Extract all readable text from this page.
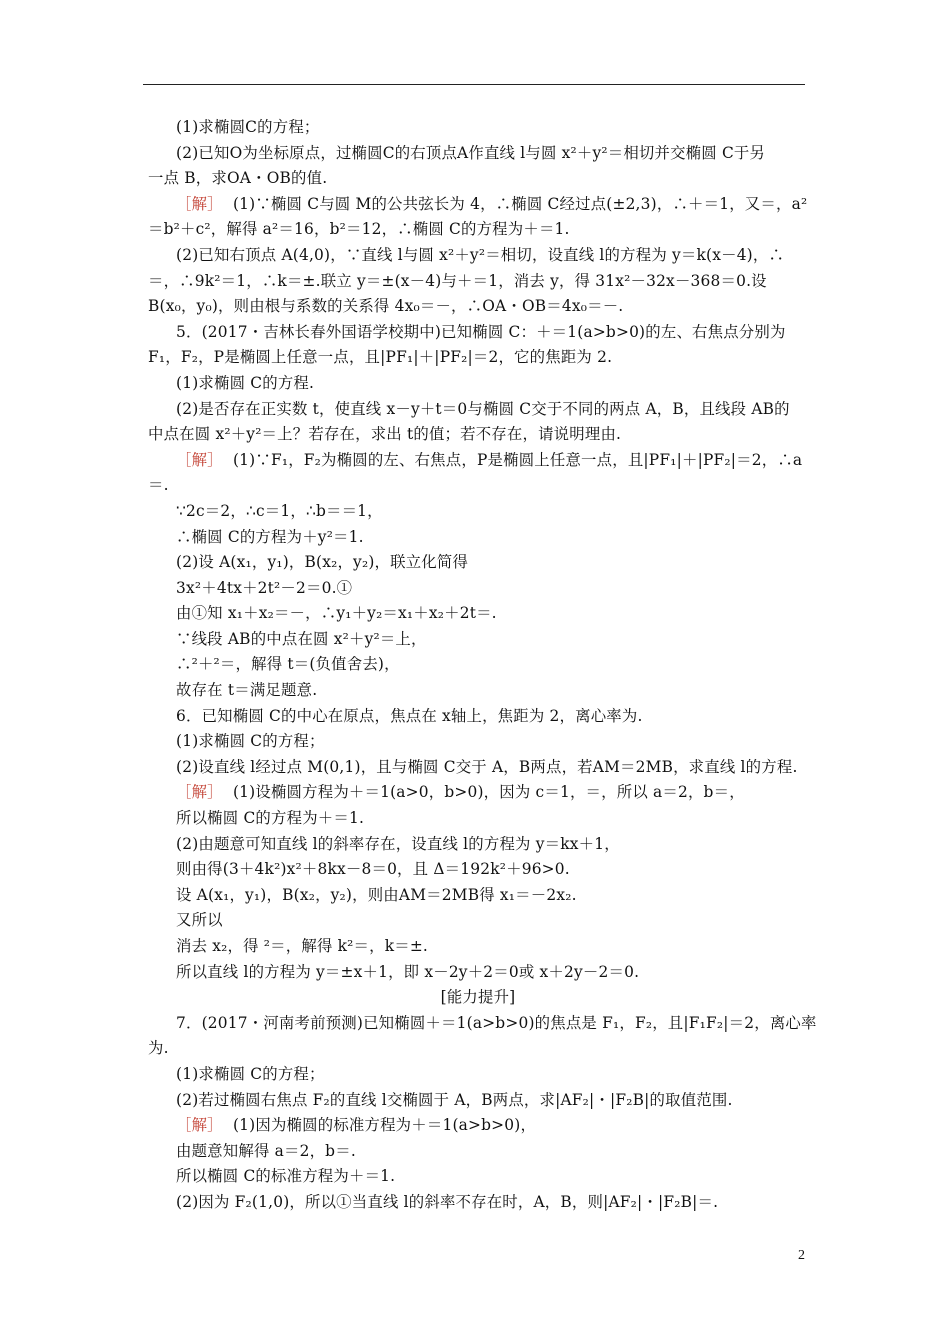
(1)求椭圆C的方程；
(2)已知O为坐标原点，过椭圆C的右顶点A作直线 l与圆 x²＋y²＝相切并交椭圆 C于另
一点 B，求OA・OB的值.
［解］  (1)∵椭圆 C与圆 M的公共弦长为 4，∴椭圆 C经过点(±2,3)，∴＋＝1，又＝，a²
＝b²＋c²，解得 a²＝16，b²＝12，∴椭圆 C的方程为＋＝1.
(2)已知右顶点 A(4,0)，∵直线 l与圆 x²＋y²＝相切，设直线 l的方程为 y＝k(x－4)，∴
＝，∴9k²＝1，∴k＝±.联立 y＝±(x－4)与＋＝1，消去 y，得 31x²－32x－368＝0.设
B(x₀，y₀)，则由根与系数的关系得 4x₀＝－，∴OA・OB＝4x₀＝－.
5．(2017・吉林长春外国语学校期中)已知椭圆 C：＋＝1(a>b>0)的左、右焦点分别为
F₁，F₂，P是椭圆上任意一点，且|PF₁|＋|PF₂|＝2，它的焦距为 2.
(1)求椭圆 C的方程.
(2)是否存在正实数 t，使直线 x－y＋t＝0与椭圆 C交于不同的两点 A，B，且线段 AB的
中点在圆 x²＋y²＝上？若存在，求出 t的值；若不存在，请说明理由.
［解］  (1)∵F₁，F₂为椭圆的左、右焦点，P是椭圆上任意一点，且|PF₁|＋|PF₂|＝2，∴a
＝.
∵2c＝2，∴c＝1，∴b＝＝1，
∴椭圆 C的方程为＋y²＝1.
(2)设 A(x₁，y₁)，B(x₂，y₂)，联立化简得
3x²＋4tx＋2t²－2＝0.①
由①知 x₁＋x₂＝－，∴y₁＋y₂＝x₁＋x₂＋2t＝.
∵线段 AB的中点在圆 x²＋y²＝上，
∴²＋²＝，解得 t＝(负值舍去)，
故存在 t＝满足题意.
6．已知椭圆 C的中心在原点，焦点在 x轴上，焦距为 2，离心率为.
(1)求椭圆 C的方程；
(2)设直线 l经过点 M(0,1)，且与椭圆 C交于 A，B两点，若AM＝2MB，求直线 l的方程.
［解］  (1)设椭圆方程为＋＝1(a>0，b>0)，因为 c＝1，＝，所以 a＝2，b＝，
所以椭圆 C的方程为＋＝1.
(2)由题意可知直线 l的斜率存在，设直线 l的方程为 y＝kx＋1，
则由得(3＋4k²)x²＋8kx－8＝0，且 Δ＝192k²＋96>0.
设 A(x₁，y₁)，B(x₂，y₂)，则由AM＝2MB得 x₁＝－2x₂.
又所以
消去 x₂，得 ²＝，解得 k²＝，k＝±.
所以直线 l的方程为 y＝±x＋1，即 x－2y＋2＝0或 x＋2y－2＝0.
[能力提升]
7．(2017・河南考前预测)已知椭圆＋＝1(a>b>0)的焦点是 F₁，F₂，且|F₁F₂|＝2，离心率
为.
(1)求椭圆 C的方程；
(2)若过椭圆右焦点 F₂的直线 l交椭圆于 A，B两点，求|AF₂|・|F₂B|的取值范围.
［解］  (1)因为椭圆的标准方程为＋＝1(a>b>0)，
由题意知解得 a＝2，b＝.
所以椭圆 C的标准方程为＋＝1.
(2)因为 F₂(1,0)，所以①当直线 l的斜率不存在时，A，B，则|AF₂|・|F₂B|＝.
2
